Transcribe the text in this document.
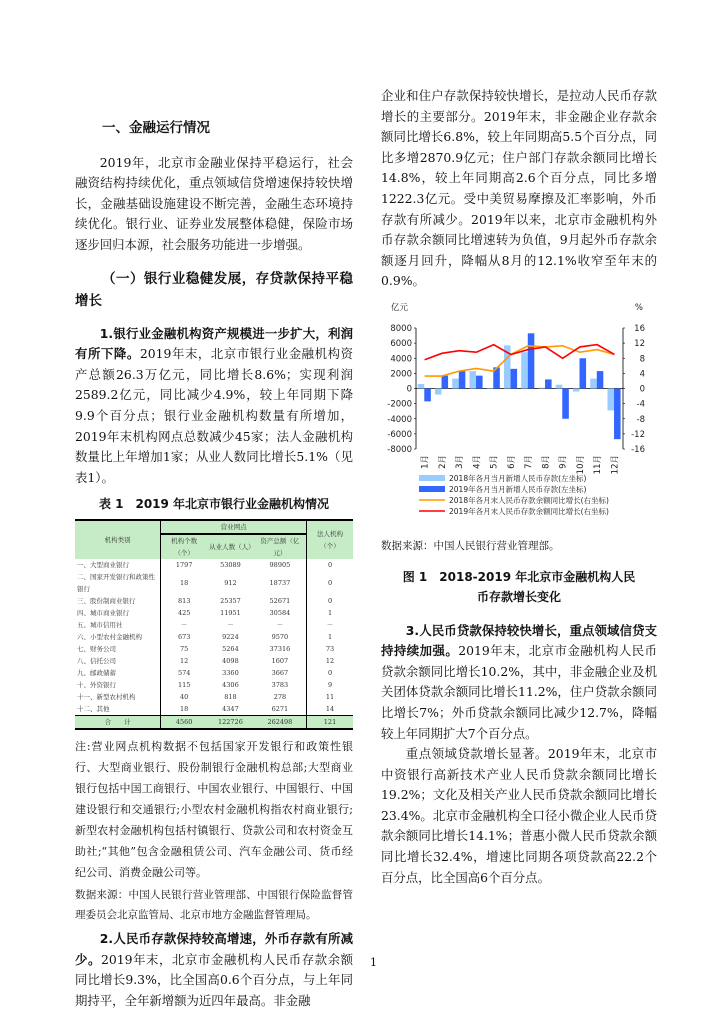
一、金融运行情况

2019年，北京市金融业保持平稳运行，社会融资结构持续优化，重点领域信贷增速保持较快增长，金融基础设施建设不断完善，金融生态环境持续优化。银行业、证券业发展整体稳健，保险市场逐步回归本源，社会服务功能进一步增强。

（一）银行业稳健发展，存贷款保持平稳增长

1.银行业金融机构资产规模进一步扩大，利润有所下降。2019年末，北京市银行业金融机构资产总额26.3万亿元，同比增长8.6%；实现利润2589.2亿元，同比减少4.9%，较上年同期下降9.9个百分点；银行业金融机构数量有所增加，2019年末机构网点总数减少45家；法人金融机构数量比上年增加1家；从业人数同比增长5.1%（见表1）。

表 1　2019 年北京市银行业金融机构情况
机构类别	营业网点			法人机构（个）
	机构个数（个）	从业人数（人）	资产总额（亿元）	
一、大型商业银行	1797	53089	98905	0
二、国家开发银行和政策性银行	18	912	18737	0
三、股份制商业银行	813	25357	52671	0
四、城市商业银行	425	11951	30584	1
五、城市信用社	－	－	－	－
六、小型农村金融机构	673	9224	9570	1
七、财务公司	75	5264	37316	73
八、信托公司	12	4098	1607	12
九、邮政储蓄	574	3360	3667	0
十、外资银行	115	4306	3783	9
十一、新型农村机构	40	818	278	11
十二、其他	18	4347	6271	14
合　　计	4560	122726	262498	121

注:营业网点机构数据不包括国家开发银行和政策性银行、大型商业银行、股份制银行金融机构总部;大型商业银行包括中国工商银行、中国农业银行、中国银行、中国建设银行和交通银行;小型农村金融机构指农村商业银行;新型农村金融机构包括村镇银行、贷款公司和农村资金互助社;“其他”包含金融租赁公司、汽车金融公司、货币经纪公司、消费金融公司等。

数据来源：中国人民银行营业管理部、中国银行保险监督管理委员会北京监管局、北京市地方金融监督管理局。

2.人民币存款保持较高增速，外币存款有所减少。2019年末，北京市金融机构人民币存款余额同比增长9.3%，比全国高0.6个百分点，与上年同期持平，全年新增额为近四年最高。非金融

企业和住户存款保持较快增长，是拉动人民币存款增长的主要部分。2019年末，非金融企业存款余额同比增长6.8%，较上年同期高5.5个百分点，同比多增2870.9亿元；住户部门存款余额同比增长14.8%，较上年同期高2.6个百分点，同比多增1222.3亿元。受中美贸易摩擦及汇率影响，外币存款有所减少。2019年以来，北京市金融机构外币存款余额同比增速转为负值，9月起外币存款余额逐月回升，降幅从8月的12.1%收窄至年末的0.9%。

亿元	%
8000
6000
4000
2000
0
-2000
-4000
-6000
-8000
16
12
8
4
0
-4
-8
-12
-16
1月 2月 3月 4月 5月 6月 7月 8月 9月 10月 11月 12月
2018年各月当月新增人民币存款(左坐标)
2019年各月当月新增人民币存款(左坐标)
2018年各月末人民币存款余额同比增长(右坐标)
2019年各月末人民币存款余额同比增长(右坐标)

数据来源：中国人民银行营业管理部。

图 1　2018-2019 年北京市金融机构人民币存款增长变化

3.人民币贷款保持较快增长，重点领域信贷支持持续加强。2019年末，北京市金融机构人民币贷款余额同比增长10.2%，其中，非金融企业及机关团体贷款余额同比增长11.2%，住户贷款余额同比增长7%；外币贷款余额同比减少12.7%，降幅较上年同期扩大7个百分点。

重点领域贷款增长显著。2019年末，北京市中资银行高新技术产业人民币贷款余额同比增长19.2%；文化及相关产业人民币贷款余额同比增长23.4%。北京市金融机构全口径小微企业人民币贷款余额同比增长14.1%；普惠小微人民币贷款余额同比增长32.4%，增速比同期各项贷款高22.2个百分点，比全国高6个百分点。

1
